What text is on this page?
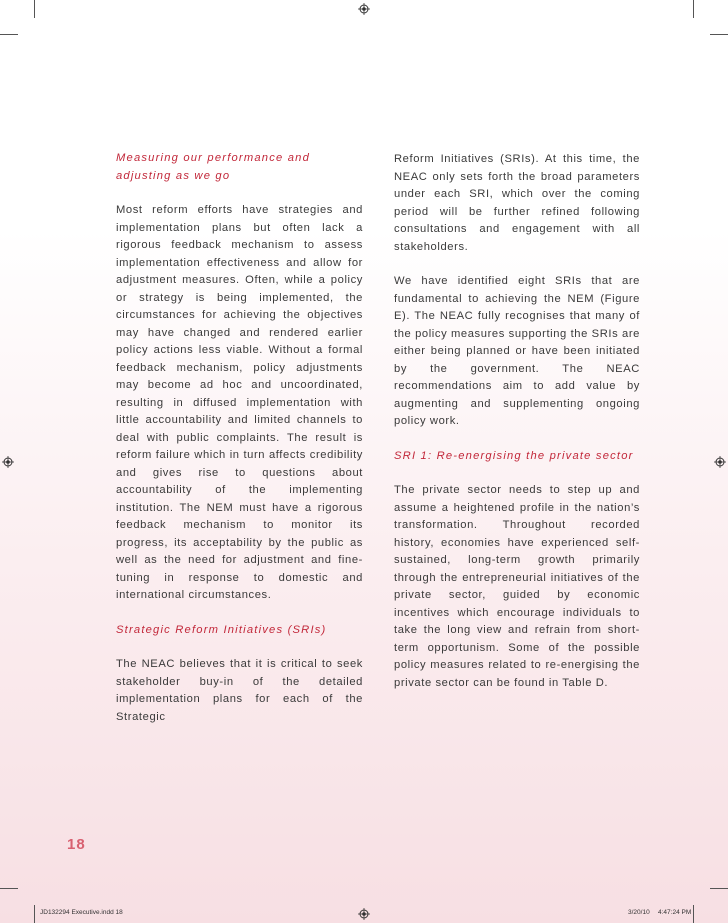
Measuring our performance and adjusting as we go

Most reform efforts have strategies and implementation plans but often lack a rigorous feedback mechanism to assess implementation effectiveness and allow for adjustment measures. Often, while a policy or strategy is being implemented, the circumstances for achieving the objectives may have changed and rendered earlier policy actions less viable. Without a formal feedback mechanism, policy adjustments may become ad hoc and uncoordinated, resulting in diffused implementation with little accountability and limited channels to deal with public complaints. The result is reform failure which in turn affects credibility and gives rise to questions about accountability of the implementing institution. The NEM must have a rigorous feedback mechanism to monitor its progress, its acceptability by the public as well as the need for adjustment and fine-tuning in response to domestic and international circumstances.

Strategic Reform Initiatives (SRIs)

The NEAC believes that it is critical to seek stakeholder buy-in of the detailed implementation plans for each of the Strategic

Reform Initiatives (SRIs). At this time, the NEAC only sets forth the broad parameters under each SRI, which over the coming period will be further refined following consultations and engagement with all stakeholders.

We have identified eight SRIs that are fundamental to achieving the NEM (Figure E). The NEAC fully recognises that many of the policy measures supporting the SRIs are either being planned or have been initiated by the government. The NEAC recommendations aim to add value by augmenting and supplementing ongoing policy work.

SRI 1: Re-energising the private sector

The private sector needs to step up and assume a heightened profile in the nation’s transformation. Throughout recorded history, economies have experienced self-sustained, long-term growth primarily through the entrepreneurial initiatives of the private sector, guided by economic incentives which encourage individuals to take the long view and refrain from short-term opportunism. Some of the possible policy measures related to re-energising the private sector can be found in Table D.

18
JD132294 Executive.indd 18	3/20/10 4:47:24 PM
